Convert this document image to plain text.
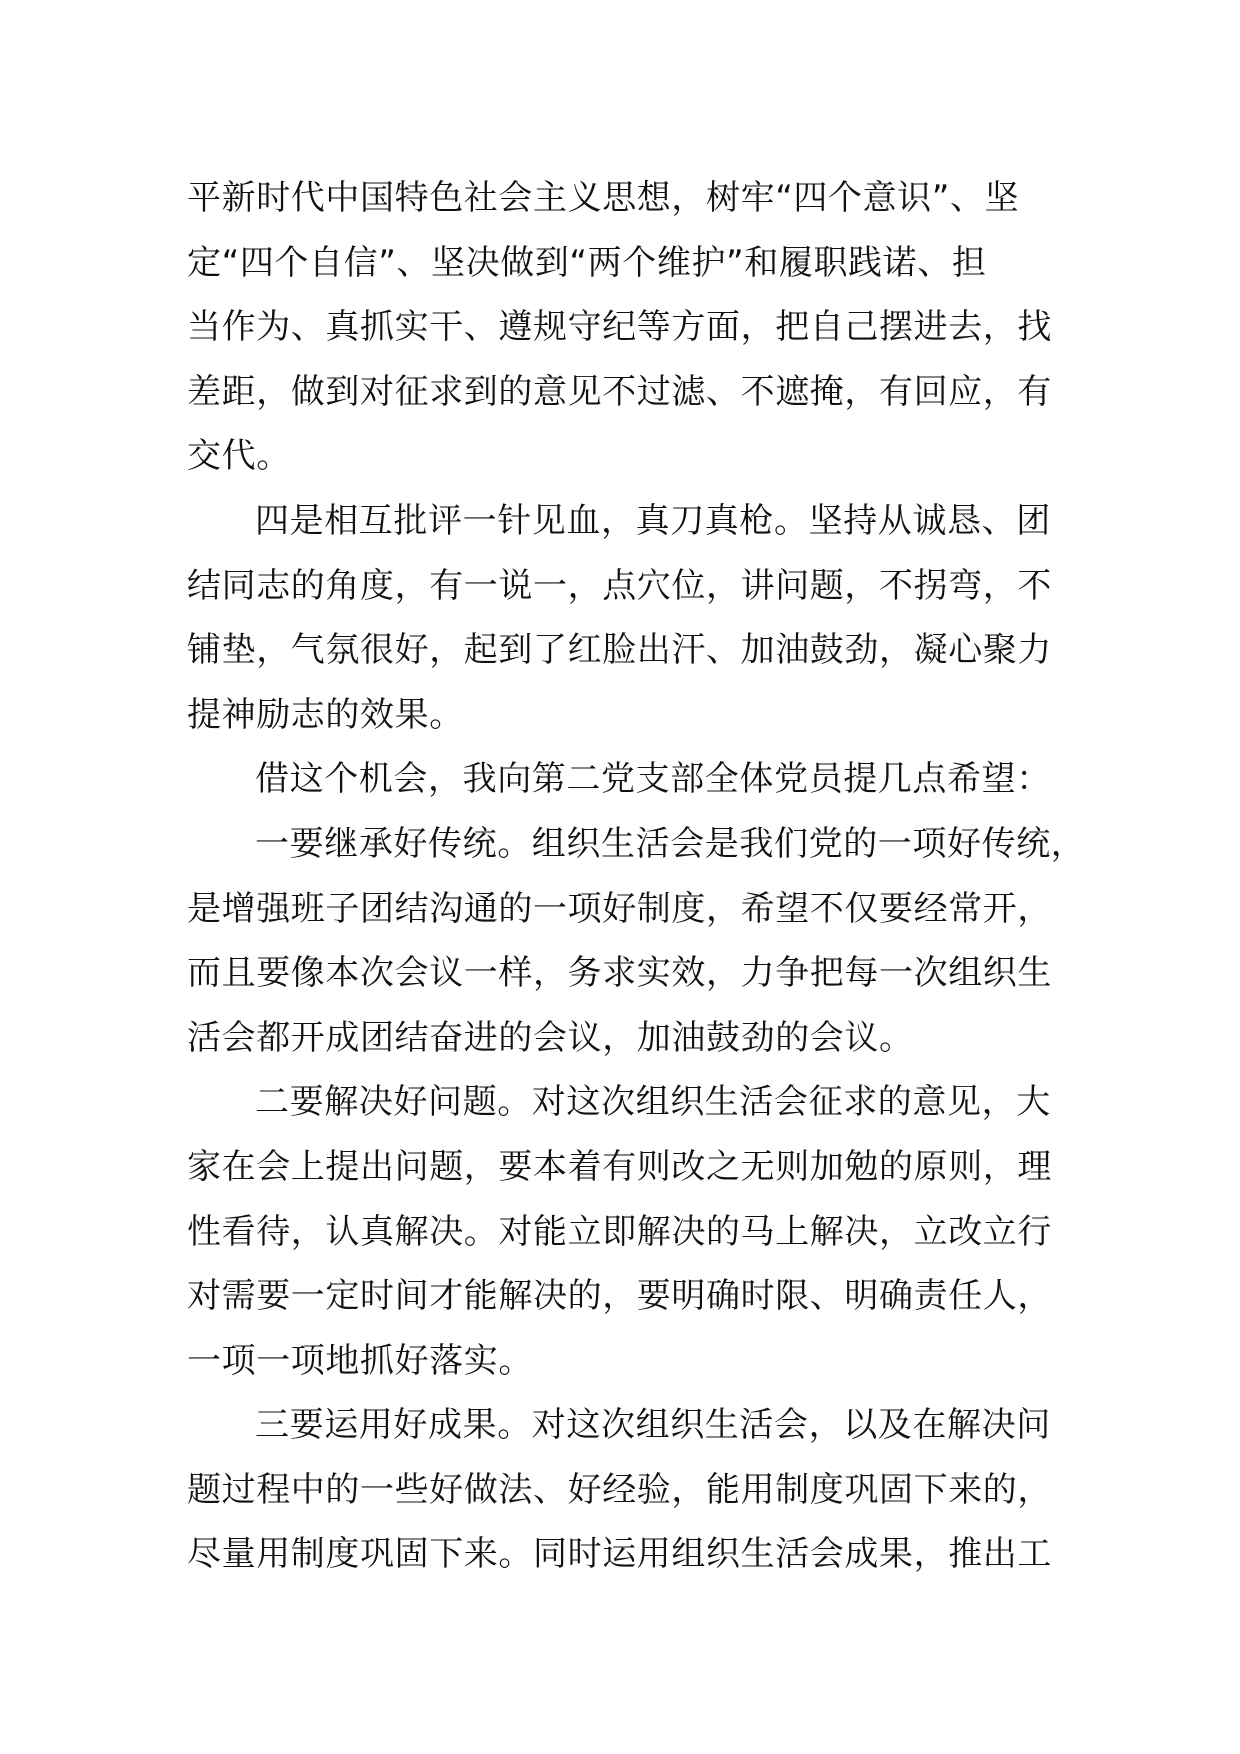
平新时代中国特色社会主义思想，树牢“四个意识”、坚
定“四个自信”、坚决做到“两个维护”和履职践诺、担
当作为、真抓实干、遵规守纪等方面，把自己摆进去，找
差距，做到对征求到的意见不过滤、不遮掩，有回应，有
交代。
四是相互批评一针见血，真刀真枪。坚持从诚恳、团
结同志的角度，有一说一，点穴位，讲问题，不拐弯，不
铺垫，气氛很好，起到了红脸出汗、加油鼓劲，凝心聚力
提神励志的效果。
借这个机会，我向第二党支部全体党员提几点希望：
一要继承好传统。组织生活会是我们党的一项好传统，
是增强班子团结沟通的一项好制度，希望不仅要经常开，
而且要像本次会议一样，务求实效，力争把每一次组织生
活会都开成团结奋进的会议，加油鼓劲的会议。
二要解决好问题。对这次组织生活会征求的意见，大
家在会上提出问题，要本着有则改之无则加勉的原则，理
性看待，认真解决。对能立即解决的马上解决，立改立行
对需要一定时间才能解决的，要明确时限、明确责任人，
一项一项地抓好落实。
三要运用好成果。对这次组织生活会，以及在解决问
题过程中的一些好做法、好经验，能用制度巩固下来的，
尽量用制度巩固下来。同时运用组织生活会成果，推出工
